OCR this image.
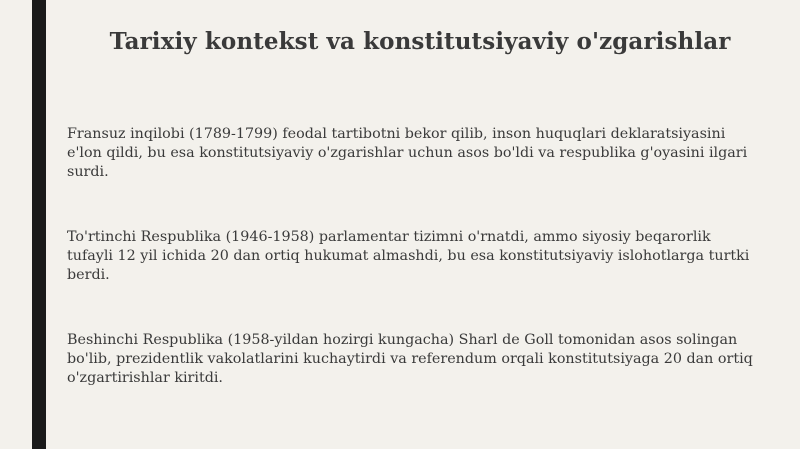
Tarixiy kontekst va konstitutsiyaviy o'zgarishlar

Fransuz inqilobi (1789-1799) feodal tartibotni bekor qilib, inson huquqlari deklaratsiyasini e'lon qildi, bu esa konstitutsiyaviy o'zgarishlar uchun asos bo'ldi va respublika g'oyasini ilgari surdi.

To'rtinchi Respublika (1946-1958) parlamentar tizimni o'rnatdi, ammo siyosiy beqarorlik tufayli 12 yil ichida 20 dan ortiq hukumat almashdi, bu esa konstitutsiyaviy islohotlarga turtki berdi.

Beshinchi Respublika (1958-yildan hozirgi kungacha) Sharl de Goll tomonidan asos solingan bo'lib, prezidentlik vakolatlarini kuchaytirdi va referendum orqali konstitutsiyaga 20 dan ortiq o'zgartirishlar kiritdi.
